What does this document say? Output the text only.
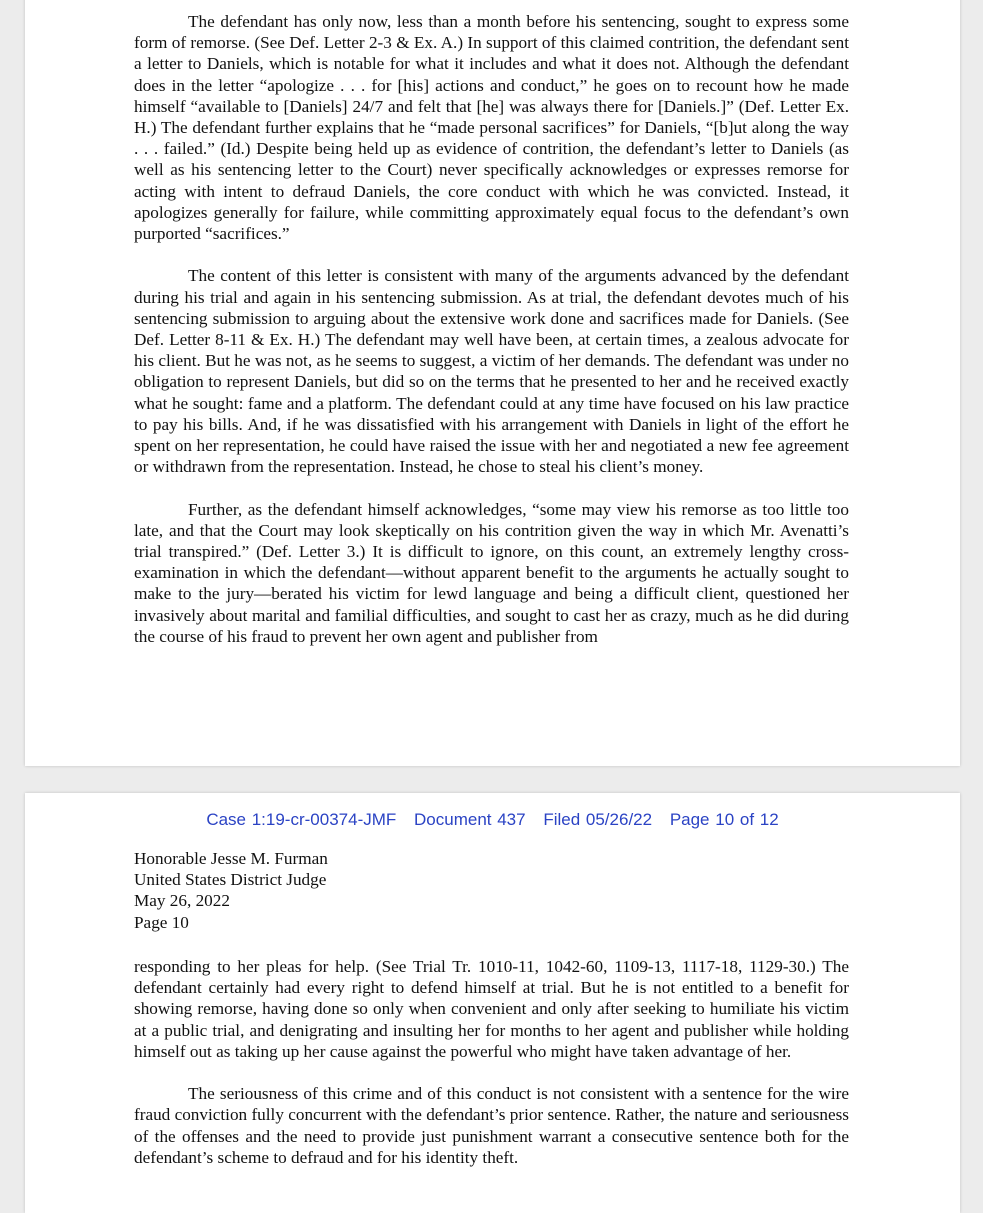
The defendant has only now, less than a month before his sentencing, sought to express some form of remorse. (See Def. Letter 2-3 & Ex. A.) In support of this claimed contrition, the defendant sent a letter to Daniels, which is notable for what it includes and what it does not. Although the defendant does in the letter “apologize . . . for [his] actions and conduct,” he goes on to recount how he made himself “available to [Daniels] 24/7 and felt that [he] was always there for [Daniels.]” (Def. Letter Ex. H.) The defendant further explains that he “made personal sacrifices” for Daniels, “[b]ut along the way . . . failed.” (Id.) Despite being held up as evidence of contrition, the defendant’s letter to Daniels (as well as his sentencing letter to the Court) never specifically acknowledges or expresses remorse for acting with intent to defraud Daniels, the core conduct with which he was convicted. Instead, it apologizes generally for failure, while committing approximately equal focus to the defendant’s own purported “sacrifices.”

The content of this letter is consistent with many of the arguments advanced by the defendant during his trial and again in his sentencing submission. As at trial, the defendant devotes much of his sentencing submission to arguing about the extensive work done and sacrifices made for Daniels. (See Def. Letter 8-11 & Ex. H.) The defendant may well have been, at certain times, a zealous advocate for his client. But he was not, as he seems to suggest, a victim of her demands. The defendant was under no obligation to represent Daniels, but did so on the terms that he presented to her and he received exactly what he sought: fame and a platform. The defendant could at any time have focused on his law practice to pay his bills. And, if he was dissatisfied with his arrangement with Daniels in light of the effort he spent on her representation, he could have raised the issue with her and negotiated a new fee agreement or withdrawn from the representation. Instead, he chose to steal his client’s money.

Further, as the defendant himself acknowledges, “some may view his remorse as too little too late, and that the Court may look skeptically on his contrition given the way in which Mr. Avenatti’s trial transpired.” (Def. Letter 3.) It is difficult to ignore, on this count, an extremely lengthy cross-examination in which the defendant—without apparent benefit to the arguments he actually sought to make to the jury—berated his victim for lewd language and being a difficult client, questioned her invasively about marital and familial difficulties, and sought to cast her as crazy, much as he did during the course of his fraud to prevent her own agent and publisher from

Case 1:19-cr-00374-JMF Document 437 Filed 05/26/22 Page 10 of 12
Honorable Jesse M. Furman
United States District Judge
May 26, 2022
Page 10

responding to her pleas for help. (See Trial Tr. 1010-11, 1042-60, 1109-13, 1117-18, 1129-30.) The defendant certainly had every right to defend himself at trial. But he is not entitled to a benefit for showing remorse, having done so only when convenient and only after seeking to humiliate his victim at a public trial, and denigrating and insulting her for months to her agent and publisher while holding himself out as taking up her cause against the powerful who might have taken advantage of her.

The seriousness of this crime and of this conduct is not consistent with a sentence for the wire fraud conviction fully concurrent with the defendant’s prior sentence. Rather, the nature and seriousness of the offenses and the need to provide just punishment warrant a consecutive sentence both for the defendant’s scheme to defraud and for his identity theft.
